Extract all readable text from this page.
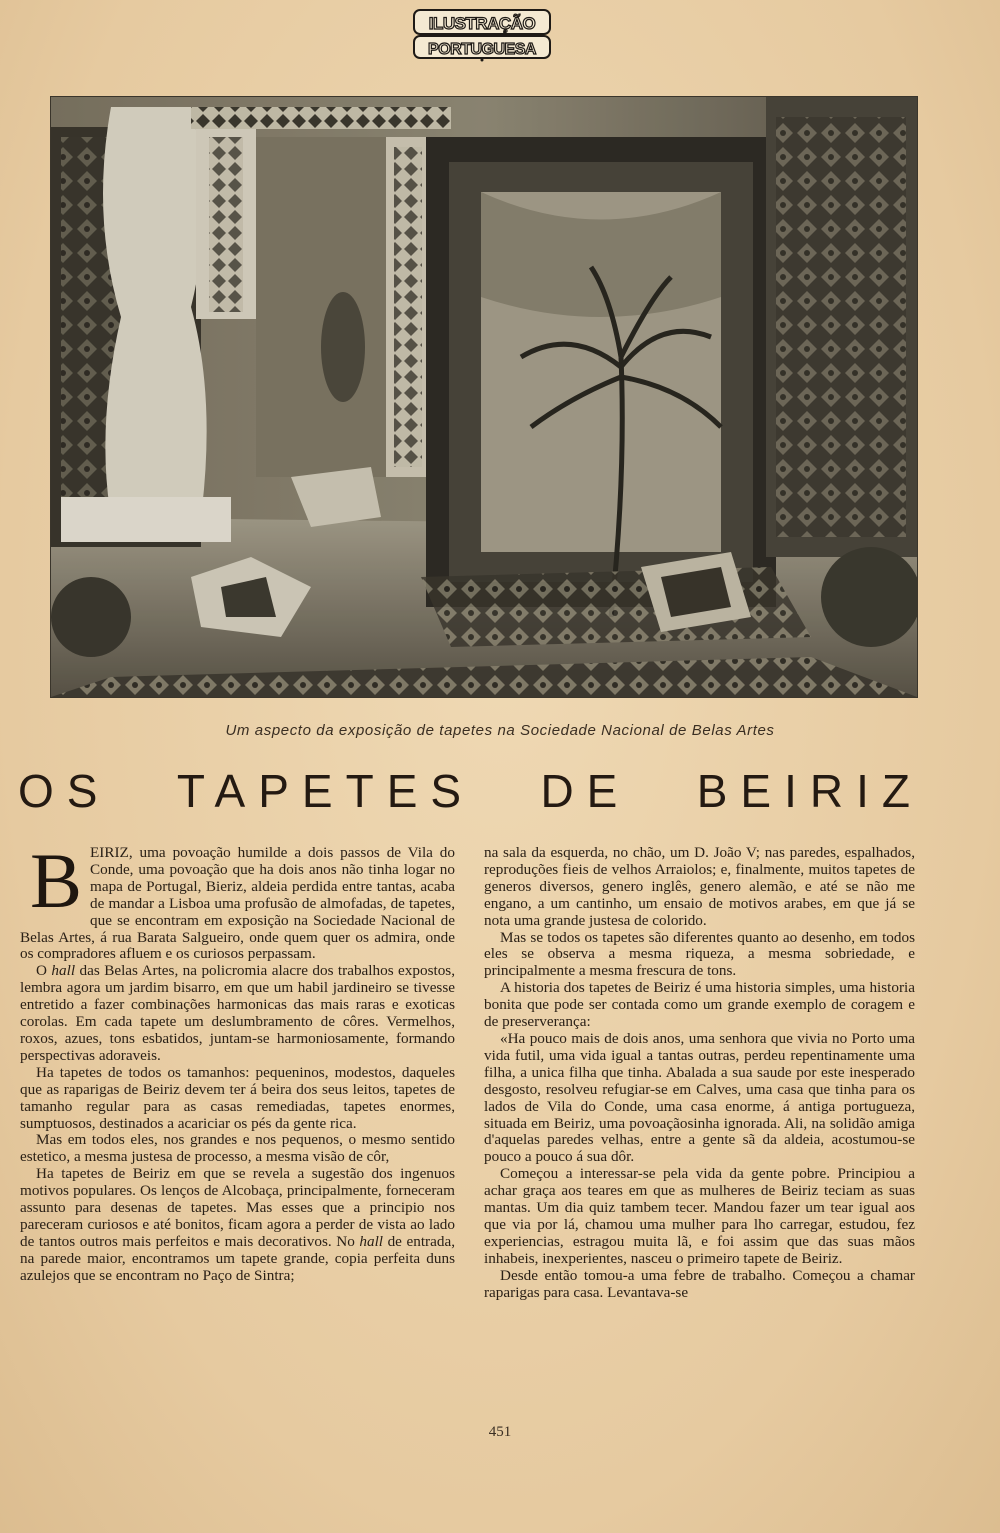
ILUSTRAÇÃO
PORTUGUESA
Um aspecto da exposição de tapetes na Sociedade Nacional de Belas Artes
OS TAPETES DE BEIRIZ

BEIRIZ, uma povoação humilde a dois passos de Vila do Conde, uma povoação que ha dois anos não tinha logar no mapa de Portugal, Bieriz, aldeia perdida entre tantas, acaba de mandar a Lisboa uma profusão de almofadas, de tapetes, que se encontram em exposição na Sociedade Nacional de Belas Artes, á rua Barata Salgueiro, onde quem quer os admira, onde os compradores afluem e os curiosos perpassam.

O hall das Belas Artes, na policromia alacre dos trabalhos expostos, lembra agora um jardim bisarro, em que um habil jardineiro se tivesse entretido a fazer combinações harmonicas das mais raras e exoticas corolas. Em cada tapete um deslumbramento de côres. Vermelhos, roxos, azues, tons esbatidos, juntam-se harmoniosamente, formando perspectivas adoraveis.

Ha tapetes de todos os tamanhos: pequeninos, modestos, daqueles que as raparigas de Beiriz devem ter á beira dos seus leitos, tapetes de tamanho regular para as casas remediadas, tapetes enormes, sumptuosos, destinados a acariciar os pés da gente rica.

Mas em todos eles, nos grandes e nos pequenos, o mesmo sentido estetico, a mesma justesa de processo, a mesma visão de côr,

Ha tapetes de Beiriz em que se revela a sugestão dos ingenuos motivos populares. Os lenços de Alcobaça, principalmente, forneceram assunto para desenas de tapetes. Mas esses que a principio nos pareceram curiosos e até bonitos, ficam agora a perder de vista ao lado de tantos outros mais perfeitos e mais decorativos. No hall de entrada, na parede maior, encontramos um tapete grande, copia perfeita duns azulejos que se encontram no Paço de Sintra;

na sala da esquerda, no chão, um D. João V; nas paredes, espalhados, reproduções fieis de velhos Arraiolos; e, finalmente, muitos tapetes de generos diversos, genero inglês, genero alemão, e até se não me engano, a um cantinho, um ensaio de motivos arabes, em que já se nota uma grande justesa de colorido.

Mas se todos os tapetes são diferentes quanto ao desenho, em todos eles se observa a mesma riqueza, a mesma sobriedade, e principalmente a mesma frescura de tons.

A historia dos tapetes de Beiriz é uma historia simples, uma historia bonita que pode ser contada como um grande exemplo de coragem e de preserverança:

«Ha pouco mais de dois anos, uma senhora que vivia no Porto uma vida futil, uma vida igual a tantas outras, perdeu repentinamente uma filha, a unica filha que tinha. Abalada a sua saude por este inesperado desgosto, resolveu refugiar-se em Calves, uma casa que tinha para os lados de Vila do Conde, uma casa enorme, á antiga portugueza, situada em Beiriz, uma povoaçãosinha ignorada. Ali, na solidão amiga d'aquelas paredes velhas, entre a gente sã da aldeia, acostumou-se pouco a pouco á sua dôr.

Começou a interessar-se pela vida da gente pobre. Principiou a achar graça aos teares em que as mulheres de Beiriz teciam as suas mantas. Um dia quiz tambem tecer. Mandou fazer um tear igual aos que via por lá, chamou uma mulher para lho carregar, estudou, fez experiencias, estragou muita lã, e foi assim que das suas mãos inhabeis, inexperientes, nasceu o primeiro tapete de Beiriz.

Desde então tomou-a uma febre de trabalho. Começou a chamar raparigas para casa. Levantava-se

451
